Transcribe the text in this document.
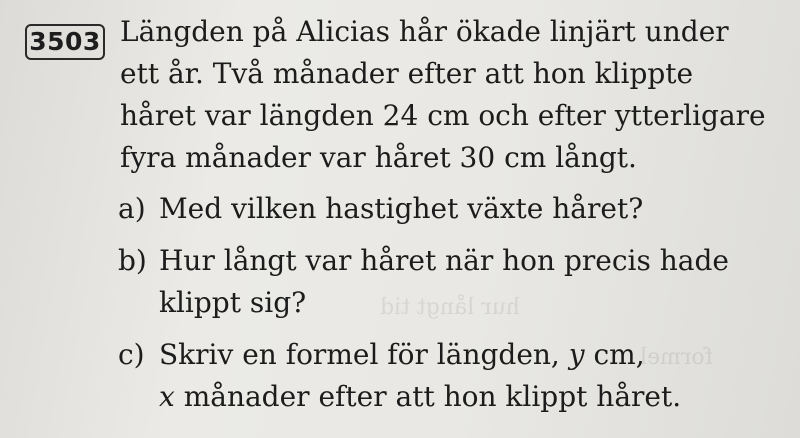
hur långt tid
formel
3503 Längden på Alicias hår ökade linjärt under
ett år. Två månader efter att hon klippte
håret var längden 24 cm och efter ytterligare
fyra månader var håret 30 cm långt.
a) Med vilken hastighet växte håret?
b) Hur långt var håret när hon precis hade
klippt sig?
c) Skriv en formel för längden, y cm,
x månader efter att hon klippt håret.
